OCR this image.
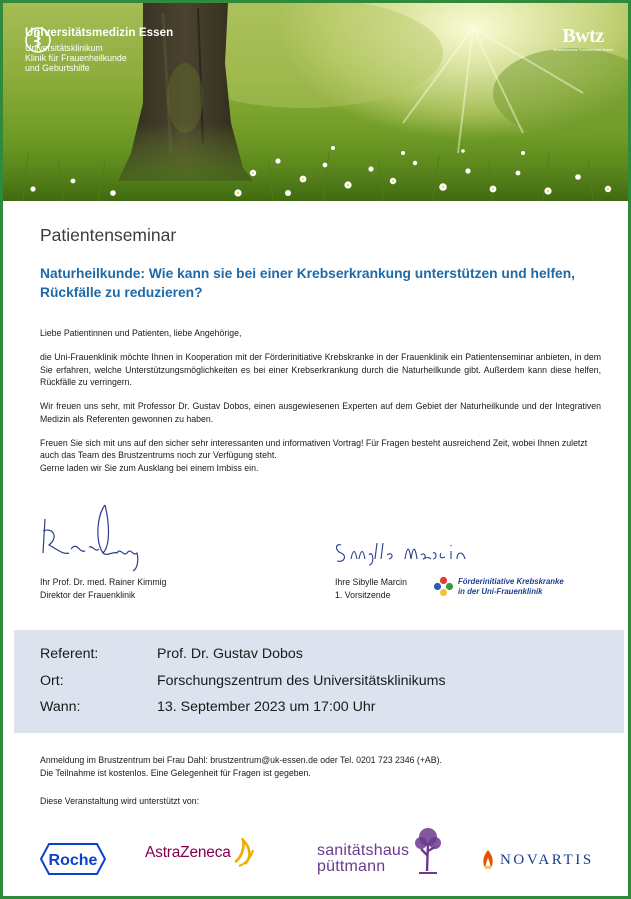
Universitätsmedizin Essen
Universitätsklinikum
Klinik für Frauenheilkunde
und Geburtshilfe
Bwtz
Westdeutsches Tumorzentrum Essen
Patientenseminar
Naturheilkunde: Wie kann sie bei einer Krebserkrankung unterstützen und helfen, Rückfälle zu reduzieren?

Liebe Patientinnen und Patienten, liebe Angehörige,

die Uni-Frauenklinik möchte Ihnen in Kooperation mit der Förderinitiative Krebskranke in der Frauenklinik ein Patientenseminar anbieten, in dem Sie erfahren, welche Unterstützungsmöglichkeiten es bei einer Krebserkrankung durch die Naturheilkunde gibt. Außerdem kann diese helfen, Rückfälle zu verringern.

Wir freuen uns sehr, mit Professor Dr. Gustav Dobos, einen ausgewiesenen Experten auf dem Gebiet der Naturheilkunde und der Integrativen Medizin als Referenten gewonnen zu haben.

Freuen Sie sich mit uns auf den sicher sehr interessanten und informativen Vortrag! Für Fragen besteht ausreichend Zeit, wobei Ihnen zuletzt auch das Team des Brustzentrums noch zur Verfügung steht.

Gerne laden wir Sie zum Ausklang bei einem Imbiss ein.

Ihr Prof. Dr. med. Rainer Kimmig
Direktor der Frauenklinik
Ihre Sibylle Marcin
1. Vorsitzende
Förderinitiative Krebskranke
in der Uni-Frauenklinik
Referent:	Prof. Dr. Gustav Dobos
Ort:	Forschungszentrum des Universitätsklinikums
Wann:	13. September 2023 um 17:00 Uhr
Anmeldung im Brustzentrum bei Frau Dahl: brustzentrum@uk-essen.de oder Tel. 0201 723 2346 (+AB).
Die Teilnahme ist kostenlos. Eine Gelegenheit für Fragen ist gegeben.
Diese Veranstaltung wird unterstützt von:
Roche	AstraZeneca	sanitätshaus
püttmann	NOVARTIS
